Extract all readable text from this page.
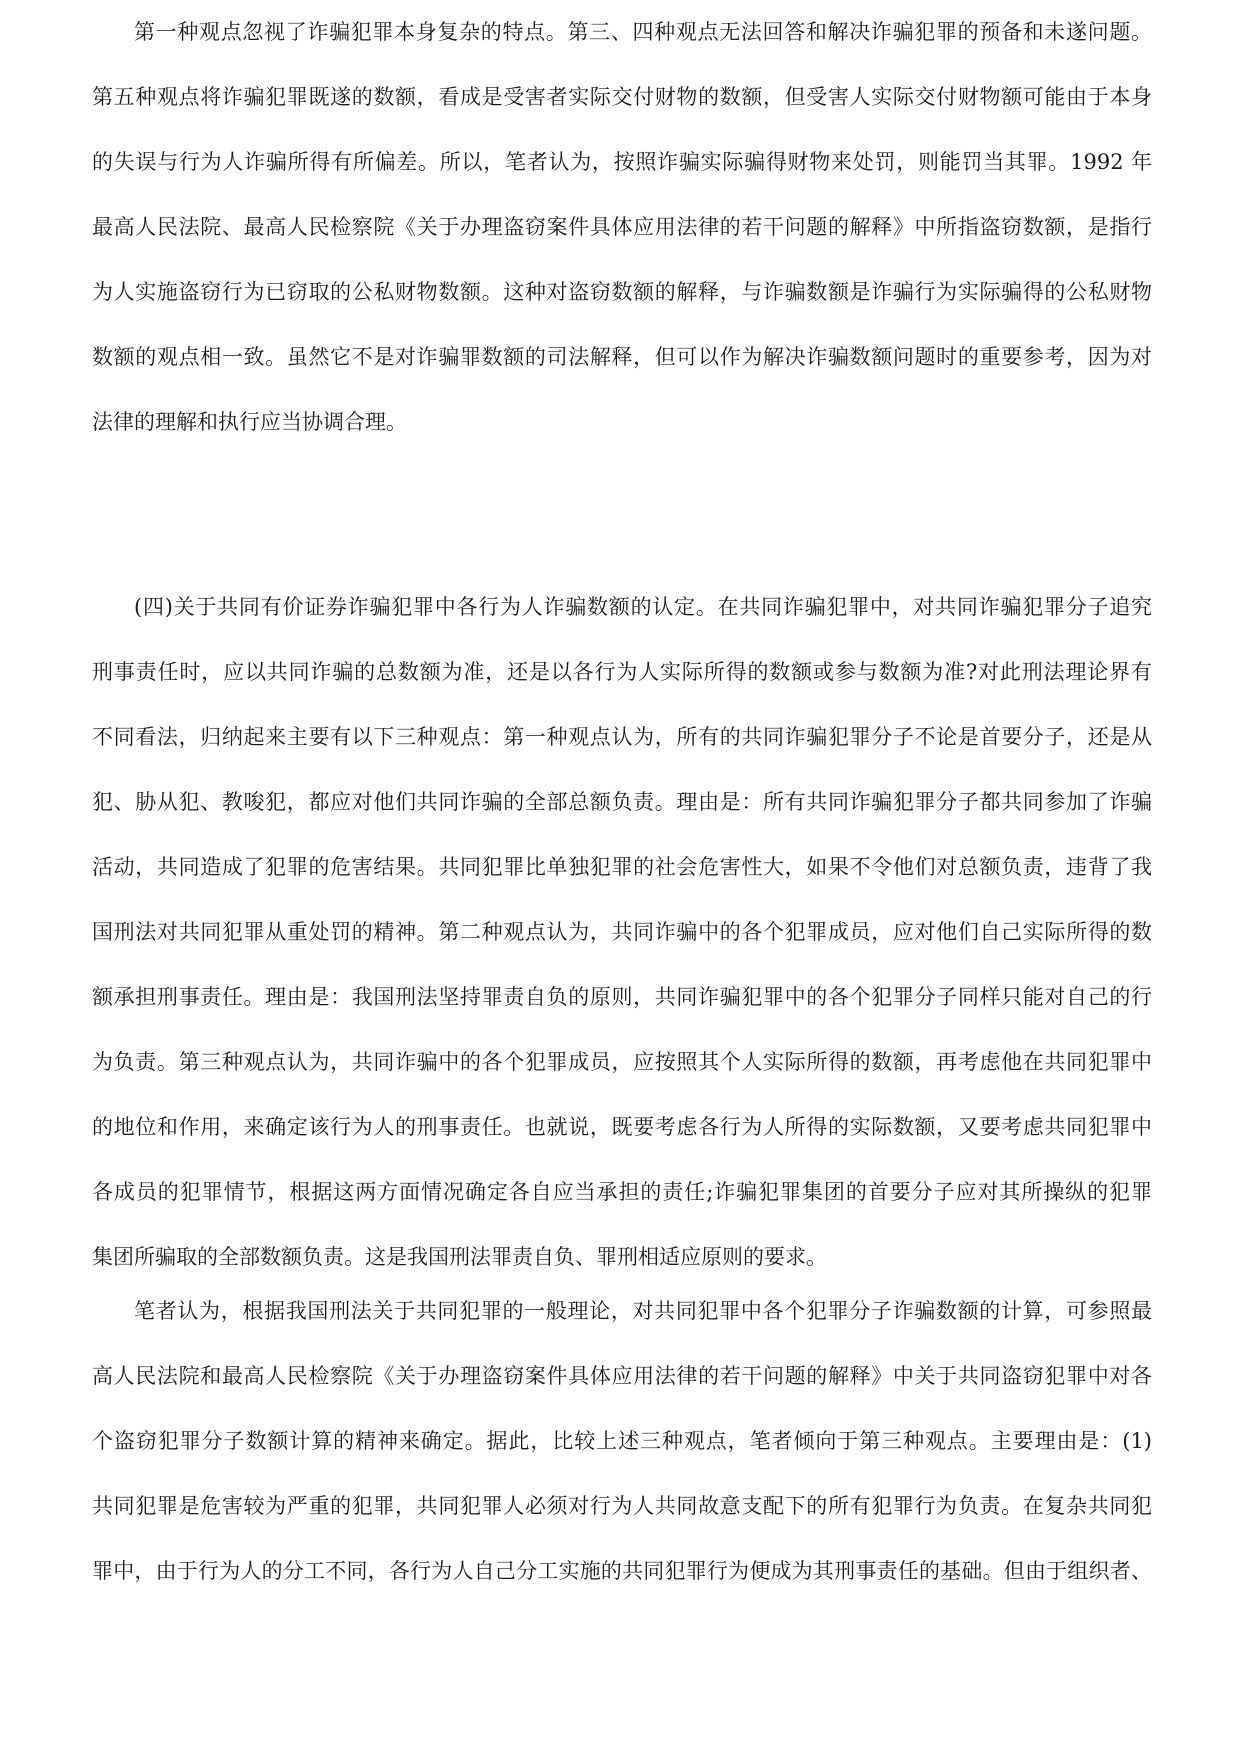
第一种观点忽视了诈骗犯罪本身复杂的特点。第三、四种观点无法回答和解决诈骗犯罪的预备和未遂问题。
第五种观点将诈骗犯罪既遂的数额，看成是受害者实际交付财物的数额，但受害人实际交付财物额可能由于本身
的失误与行为人诈骗所得有所偏差。所以，笔者认为，按照诈骗实际骗得财物来处罚，则能罚当其罪。1992 年
最高人民法院、最高人民检察院《关于办理盗窃案件具体应用法律的若干问题的解释》中所指盗窃数额，是指行
为人实施盗窃行为已窃取的公私财物数额。这种对盗窃数额的解释，与诈骗数额是诈骗行为实际骗得的公私财物
数额的观点相一致。虽然它不是对诈骗罪数额的司法解释，但可以作为解决诈骗数额问题时的重要参考，因为对
法律的理解和执行应当协调合理。
(四)关于共同有价证券诈骗犯罪中各行为人诈骗数额的认定。在共同诈骗犯罪中，对共同诈骗犯罪分子追究
刑事责任时，应以共同诈骗的总数额为准，还是以各行为人实际所得的数额或参与数额为准?对此刑法理论界有
不同看法，归纳起来主要有以下三种观点：第一种观点认为，所有的共同诈骗犯罪分子不论是首要分子，还是从
犯、胁从犯、教唆犯，都应对他们共同诈骗的全部总额负责。理由是：所有共同诈骗犯罪分子都共同参加了诈骗
活动，共同造成了犯罪的危害结果。共同犯罪比单独犯罪的社会危害性大，如果不令他们对总额负责，违背了我
国刑法对共同犯罪从重处罚的精神。第二种观点认为，共同诈骗中的各个犯罪成员，应对他们自己实际所得的数
额承担刑事责任。理由是：我国刑法坚持罪责自负的原则，共同诈骗犯罪中的各个犯罪分子同样只能对自己的行
为负责。第三种观点认为，共同诈骗中的各个犯罪成员，应按照其个人实际所得的数额，再考虑他在共同犯罪中
的地位和作用，来确定该行为人的刑事责任。也就说，既要考虑各行为人所得的实际数额，又要考虑共同犯罪中
各成员的犯罪情节，根据这两方面情况确定各自应当承担的责任;诈骗犯罪集团的首要分子应对其所操纵的犯罪
集团所骗取的全部数额负责。这是我国刑法罪责自负、罪刑相适应原则的要求。
笔者认为，根据我国刑法关于共同犯罪的一般理论，对共同犯罪中各个犯罪分子诈骗数额的计算，可参照最
高人民法院和最高人民检察院《关于办理盗窃案件具体应用法律的若干问题的解释》中关于共同盗窃犯罪中对各
个盗窃犯罪分子数额计算的精神来确定。据此，比较上述三种观点，笔者倾向于第三种观点。主要理由是：(1)
共同犯罪是危害较为严重的犯罪，共同犯罪人必须对行为人共同故意支配下的所有犯罪行为负责。在复杂共同犯
罪中，由于行为人的分工不同，各行为人自己分工实施的共同犯罪行为便成为其刑事责任的基础。但由于组织者、
